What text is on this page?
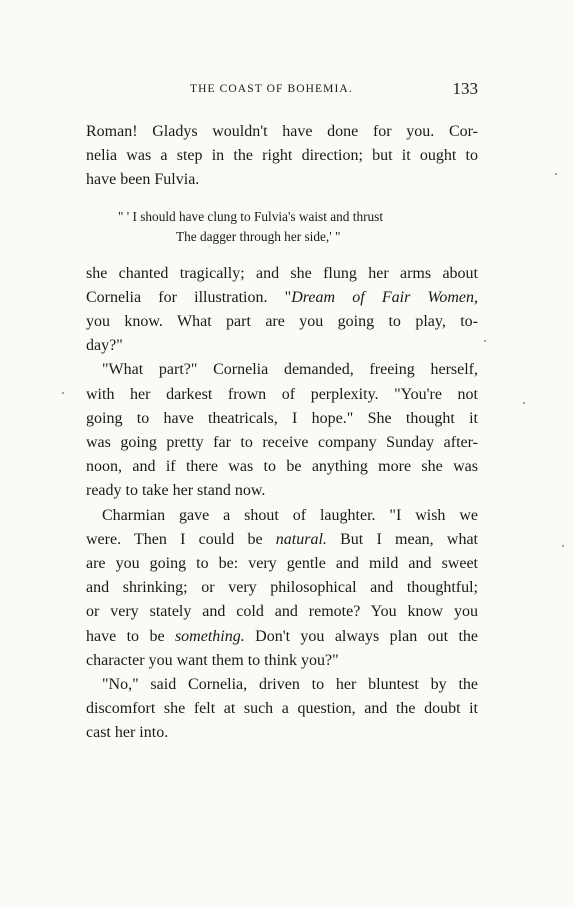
THE COAST OF BOHEMIA.	133
Roman! Gladys wouldn't have done for you. Cor-
nelia was a step in the right direction; but it ought to
have been Fulvia.
" ' I should have clung to Fulvia's waist and thrust
The dagger through her side,' "
she chanted tragically; and she flung her arms about
Cornelia for illustration. "Dream of Fair Women,
you know. What part are you going to play, to-
day?"
"What part?" Cornelia demanded, freeing herself,
with her darkest frown of perplexity. "You're not
going to have theatricals, I hope." She thought it
was going pretty far to receive company Sunday after-
noon, and if there was to be anything more she was
ready to take her stand now.
Charmian gave a shout of laughter. "I wish we
were. Then I could be natural. But I mean, what
are you going to be: very gentle and mild and sweet
and shrinking; or very philosophical and thoughtful;
or very stately and cold and remote? You know you
have to be something. Don't you always plan out the
character you want them to think you?"
"No," said Cornelia, driven to her bluntest by the
discomfort she felt at such a question, and the doubt it
cast her into.
